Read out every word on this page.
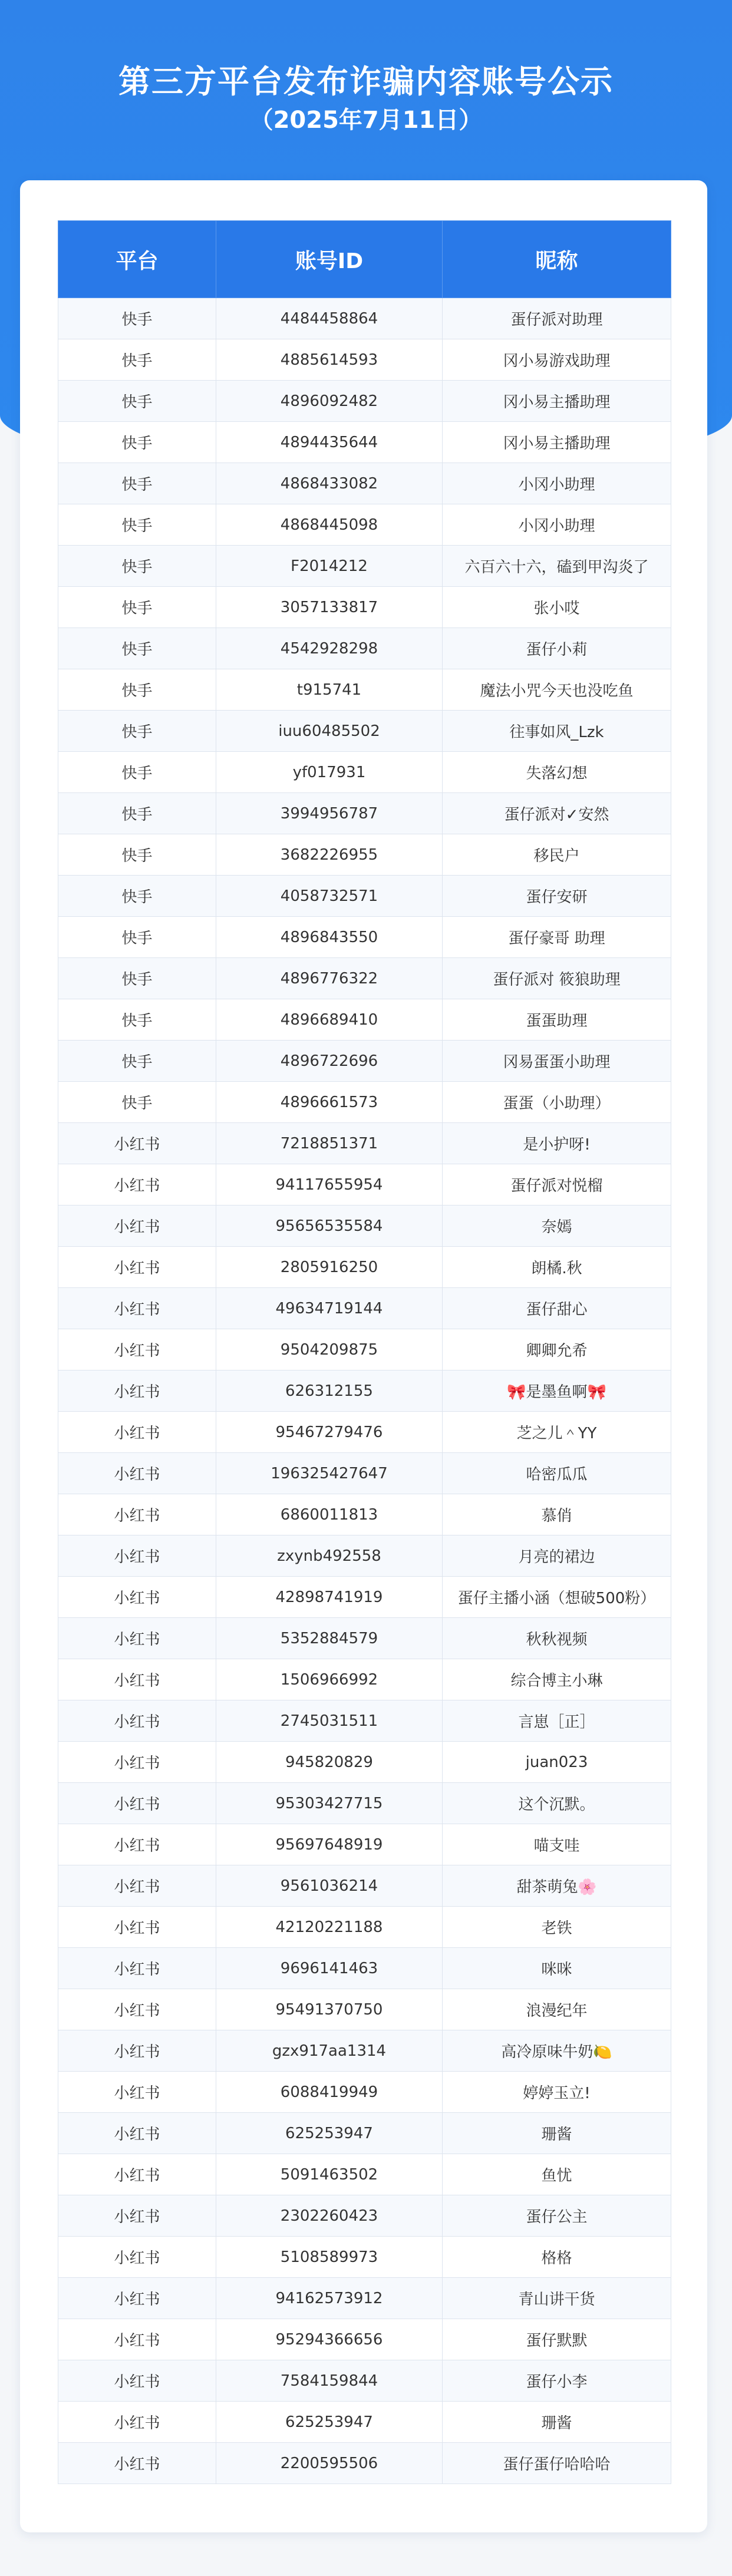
第三方平台发布诈骗内容账号公示
（2025年7月11日）
平台	账号ID	昵称
快手	4484458864	蛋仔派对助理
快手	4885614593	冈小易游戏助理
快手	4896092482	冈小易主播助理
快手	4894435644	冈小易主播助理
快手	4868433082	小冈小助理
快手	4868445098	小冈小助理
快手	F2014212	六百六十六，磕到甲沟炎了
快手	3057133817	张小哎
快手	4542928298	蛋仔小莉
快手	t915741	魔法小咒今天也没吃鱼
快手	iuu60485502	往事如风_Lzk
快手	yf017931	失落幻想
快手	3994956787	蛋仔派对✓安然
快手	3682226955	移民户
快手	4058732571	蛋仔安研
快手	4896843550	蛋仔豪哥 助理
快手	4896776322	蛋仔派对 筱狼助理
快手	4896689410	蛋蛋助理
快手	4896722696	冈易蛋蛋小助理
快手	4896661573	蛋蛋（小助理）
小红书	7218851371	是小护呀!
小红书	94117655954	蛋仔派对悦榴
小红书	95656535584	奈嫣
小红书	2805916250	朗橘.秋
小红书	49634719144	蛋仔甜心
小红书	9504209875	卿卿允希
小红书	626312155	🎀是墨鱼啊🎀
小红书	95467279476	芝之儿＾YY
小红书	196325427647	哈密瓜瓜
小红书	6860011813	慕俏
小红书	zxynb492558	月亮的裙边
小红书	42898741919	蛋仔主播小涵（想破500粉）
小红书	5352884579	秋秋视频
小红书	1506966992	综合博主小琳
小红书	2745031511	言崽［正］
小红书	945820829	juan023
小红书	95303427715	这个沉默。
小红书	95697648919	喵支哇
小红书	9561036214	甜茶萌兔🌸
小红书	42120221188	老铁
小红书	9696141463	咪咪
小红书	95491370750	浪漫纪年
小红书	gzx917aa1314	高冷原味牛奶🍋
小红书	6088419949	婷婷玉立!
小红书	625253947	珊酱
小红书	5091463502	鱼忧
小红书	2302260423	蛋仔公主
小红书	5108589973	格格
小红书	94162573912	青山讲干货
小红书	95294366656	蛋仔默默
小红书	7584159844	蛋仔小李
小红书	625253947	珊酱
小红书	2200595506	蛋仔蛋仔哈哈哈
